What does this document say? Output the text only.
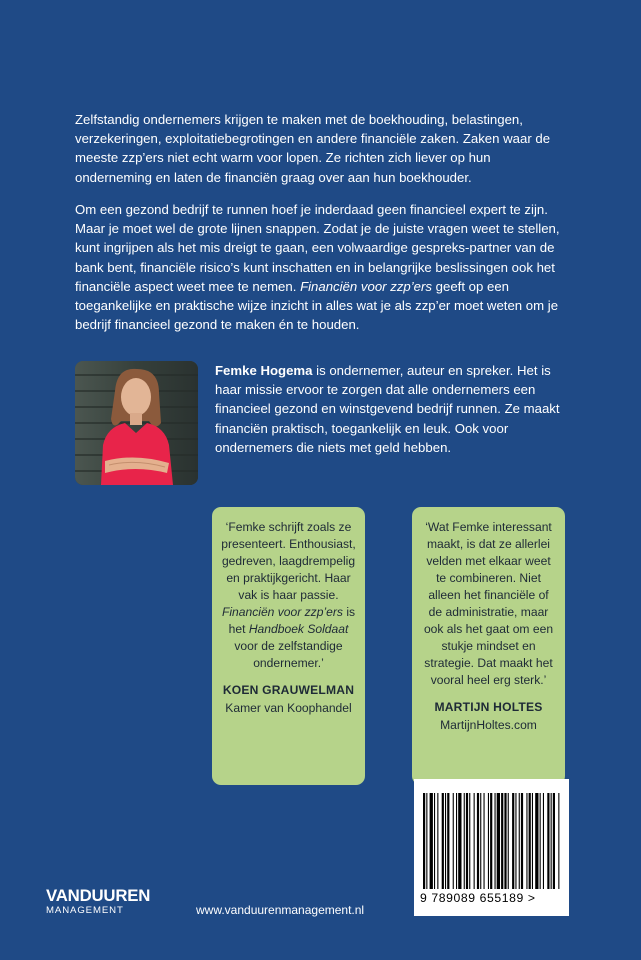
Zelfstandig ondernemers krijgen te maken met de boekhouding, belastingen, verzekeringen, exploitatiebegrotingen en andere financiële zaken. Zaken waar de meeste zzp’ers niet echt warm voor lopen. Ze richten zich liever op hun onderneming en laten de financiën graag over aan hun boekhouder.

Om een gezond bedrijf te runnen hoef je inderdaad geen financieel expert te zijn. Maar je moet wel de grote lijnen snappen. Zodat je de juiste vragen weet te stellen, kunt ingrijpen als het mis dreigt te gaan, een volwaardige gespreks-partner van de bank bent, financiële risico’s kunt inschatten en in belangrijke beslissingen ook het financiële aspect weet mee te nemen. Financiën voor zzp’ers geeft op een toegankelijke en praktische wijze inzicht in alles wat je als zzp’er moet weten om je bedrijf financieel gezond te maken én te houden.

Femke Hogema is ondernemer, auteur en spreker. Het is haar missie ervoor te zorgen dat alle ondernemers een financieel gezond en winstgevend bedrijf runnen. Ze maakt financiën praktisch, toegankelijk en leuk. Ook voor ondernemers die niets met geld hebben.

‘Femke schrijft zoals ze presenteert. Enthousiast, gedreven, laagdrempelig en praktijkgericht. Haar vak is haar passie. Financiën voor zzp’ers is het Handboek Soldaat voor de zelfstandige ondernemer.’

KOEN GRAUWELMAN

Kamer van Koophandel

‘Wat Femke interessant maakt, is dat ze allerlei velden met elkaar weet te combineren. Niet alleen het financiële of de administratie, maar ook als het gaat om een stukje mindset en strategie. Dat maakt het vooral heel erg sterk.’

MARTIJN HOLTES

MartijnHoltes.com

9 789089 655189 >
VANDUUREN
MANAGEMENT	www.vanduurenmanagement.nl
